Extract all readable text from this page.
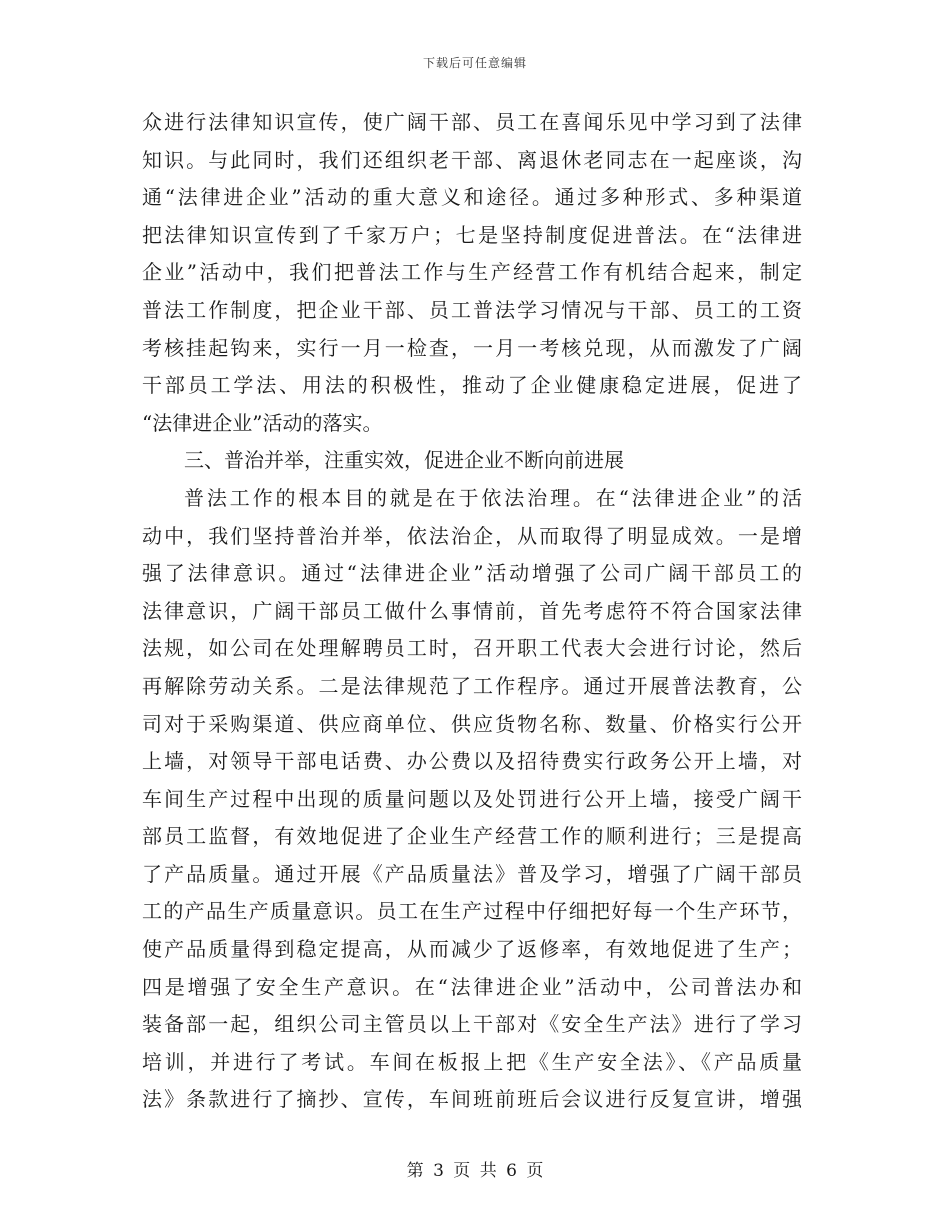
下载后可任意编辑
众进行法律知识宣传，使广阔干部、员工在喜闻乐见中学习到了法律
知识。与此同时，我们还组织老干部、离退休老同志在一起座谈，沟
通“法律进企业”活动的重大意义和途径。通过多种形式、多种渠道
把法律知识宣传到了千家万户；七是坚持制度促进普法。在“法律进
企业”活动中，我们把普法工作与生产经营工作有机结合起来，制定
普法工作制度，把企业干部、员工普法学习情况与干部、员工的工资
考核挂起钩来，实行一月一检查，一月一考核兑现，从而激发了广阔
干部员工学法、用法的积极性，推动了企业健康稳定进展，促进了
“法律进企业”活动的落实。
三、普治并举，注重实效，促进企业不断向前进展
普法工作的根本目的就是在于依法治理。在“法律进企业”的活
动中，我们坚持普治并举，依法治企，从而取得了明显成效。一是增
强了法律意识。通过“法律进企业”活动增强了公司广阔干部员工的
法律意识，广阔干部员工做什么事情前，首先考虑符不符合国家法律
法规，如公司在处理解聘员工时，召开职工代表大会进行讨论，然后
再解除劳动关系。二是法律规范了工作程序。通过开展普法教育，公
司对于采购渠道、供应商单位、供应货物名称、数量、价格实行公开
上墙，对领导干部电话费、办公费以及招待费实行政务公开上墙，对
车间生产过程中出现的质量问题以及处罚进行公开上墙，接受广阔干
部员工监督，有效地促进了企业生产经营工作的顺利进行；三是提高
了产品质量。通过开展《产品质量法》普及学习，增强了广阔干部员
工的产品生产质量意识。员工在生产过程中仔细把好每一个生产环节，
使产品质量得到稳定提高，从而减少了返修率，有效地促进了生产；
四是增强了安全生产意识。在“法律进企业”活动中，公司普法办和
装备部一起，组织公司主管员以上干部对《安全生产法》进行了学习
培训，并进行了考试。车间在板报上把《生产安全法》、《产品质量
法》条款进行了摘抄、宣传，车间班前班后会议进行反复宣讲，增强
第 3 页 共 6 页
